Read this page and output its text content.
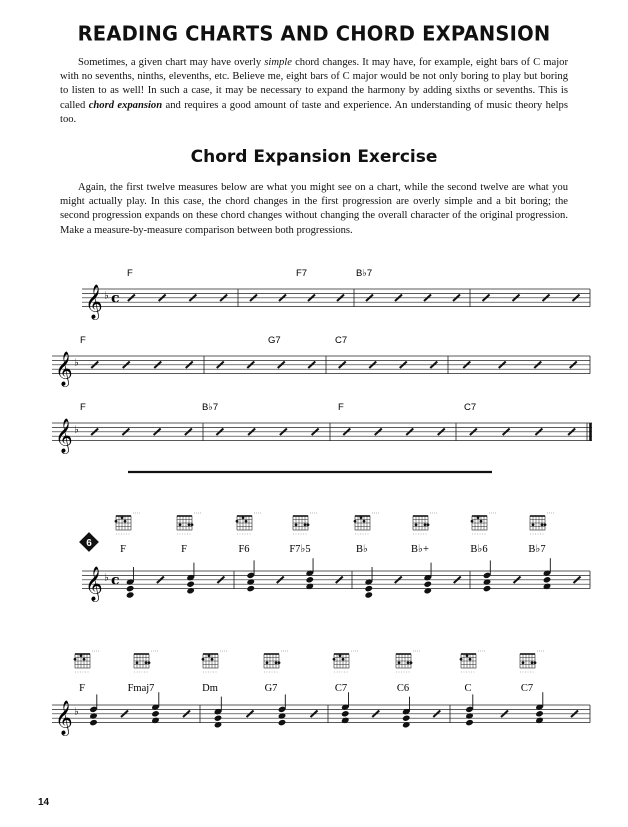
READING CHARTS AND CHORD EXPANSION

Sometimes, a given chart may have overly simple chord changes. It may have, for example, eight bars of C major with no sevenths, ninths, elevenths, etc. Believe me, eight bars of C major would be not only boring to play but boring to listen to as well! In such a case, it may be necessary to expand the harmony by adding sixths or sevenths. This is called chord expansion and requires a good amount of taste and experience. An understanding of music theory helps too.

Chord Expansion Exercise

Again, the first twelve measures below are what you might see on a chart, while the second twelve are what you might actually play. In this case, the chord changes in the first progression are overly simple and a bit boring; the second progression expands on these chord changes without changing the overall character of the original progression. Make a measure-by-measure comparison between both progressions.

𝄞 ♭ c
𝄞 ♭
𝄞 ♭
𝄞 ♭ c
𝄞 ♭
F	F7	B♭7
F	G7	C7
F	B♭7	F	C7
6
F	F	F6	F7♭5	B♭	B♭+	B♭6	B♭7
F	Fmaj7	Dm	G7	C7	C6	C	C7
14
